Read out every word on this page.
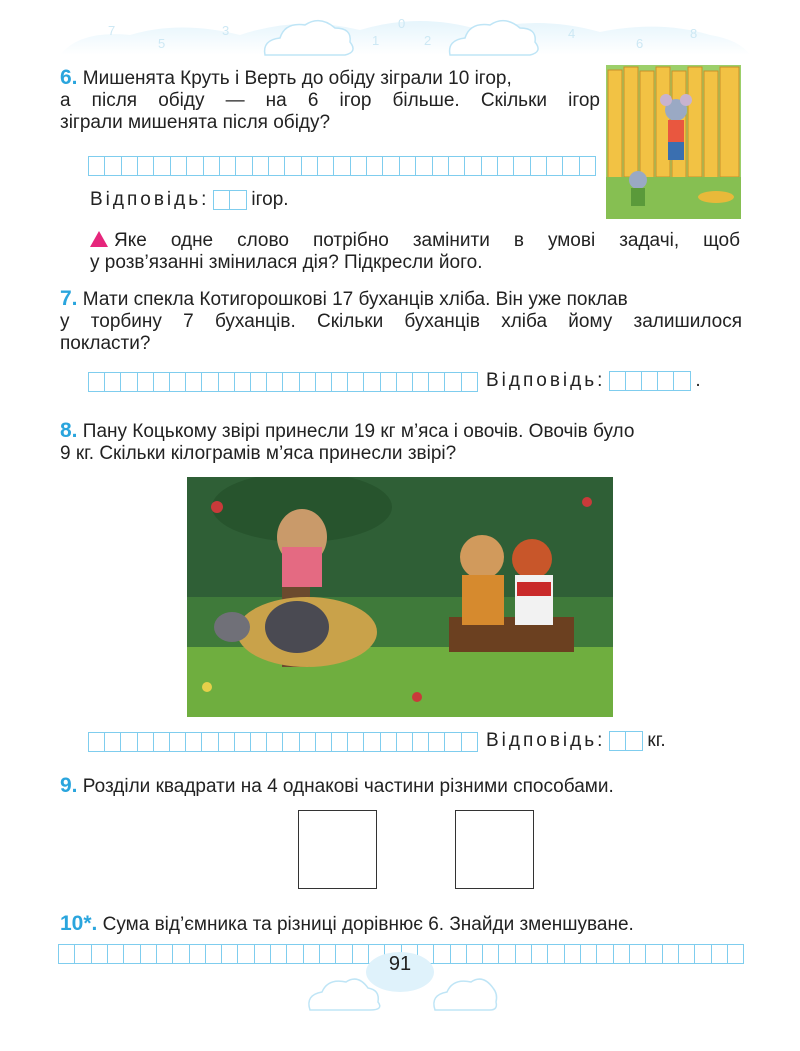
7
5
3	0
1	2	4
6
8
6. Мишенята Круть і Верть до обіду зіграли 10 ігор,
а після обіду — на 6 ігор більше. Скільки ігор
зіграли мишенята після обіду?
Відповідь: ігор.
Яке одне слово потрібно замінити в умові задачі, щоб
у розв’язанні змінилася дія? Підкресли його.
7. Мати спекла Котигорошкові 17 буханців хліба. Він уже поклав
у торбину 7 буханців. Скільки буханців хліба йому залишилося
покласти?
Відповідь:	.
8. Пану Коцькому звірі принесли 19 кг м’яса і овочів. Овочів було
9 кг. Скільки кілограмів м’яса принесли звірі?
Відповідь: кг.
9. Розділи квадрати на 4 однакові частини різними способами.
10*. Сума від’ємника та різниці дорівнює 6. Знайди зменшуване.
91
